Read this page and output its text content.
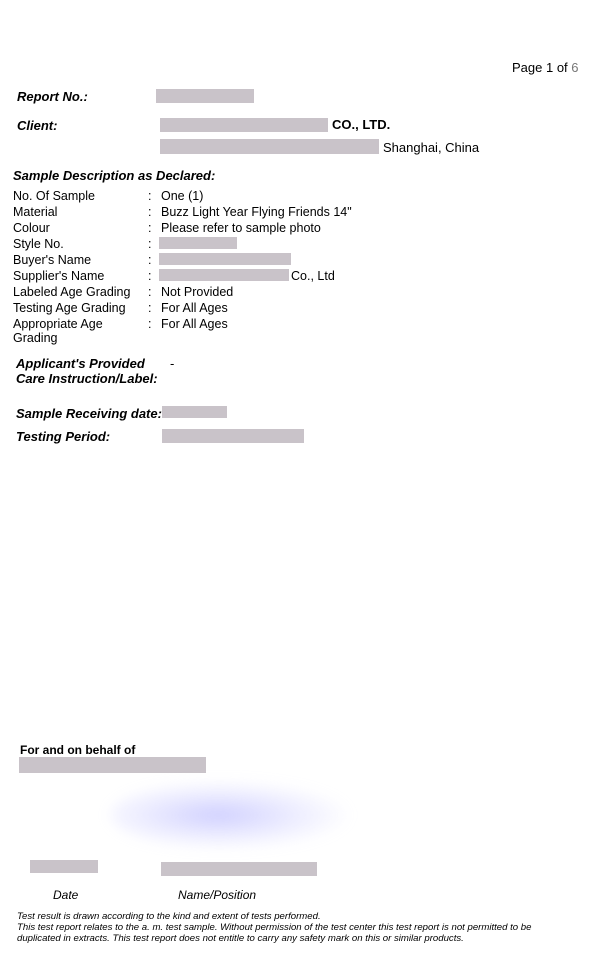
Page 1 of 6
Report No.:
Client:	CO., LTD.
Shanghai, China
Sample Description as Declared:
No. Of Sample	: One (1)
Material	: Buzz Light Year Flying Friends 14"
Colour	: Please refer to sample photo
Style No.	:
Buyer's Name	:
Supplier's Name	:	Co., Ltd
Labeled Age Grading : Not Provided
Testing Age Grading : For All Ages
Appropriate Age	: For All Ages
Grading
Applicant's Provided
Care Instruction/Label:
-
Sample Receiving date:
Testing Period:
For and on behalf of
Date	Name/Position
Test result is drawn according to the kind and extent of tests performed.
This test report relates to the a. m. test sample. Without permission of the test center this test report is not permitted to be
duplicated in extracts. This test report does not entitle to carry any safety mark on this or similar products.
